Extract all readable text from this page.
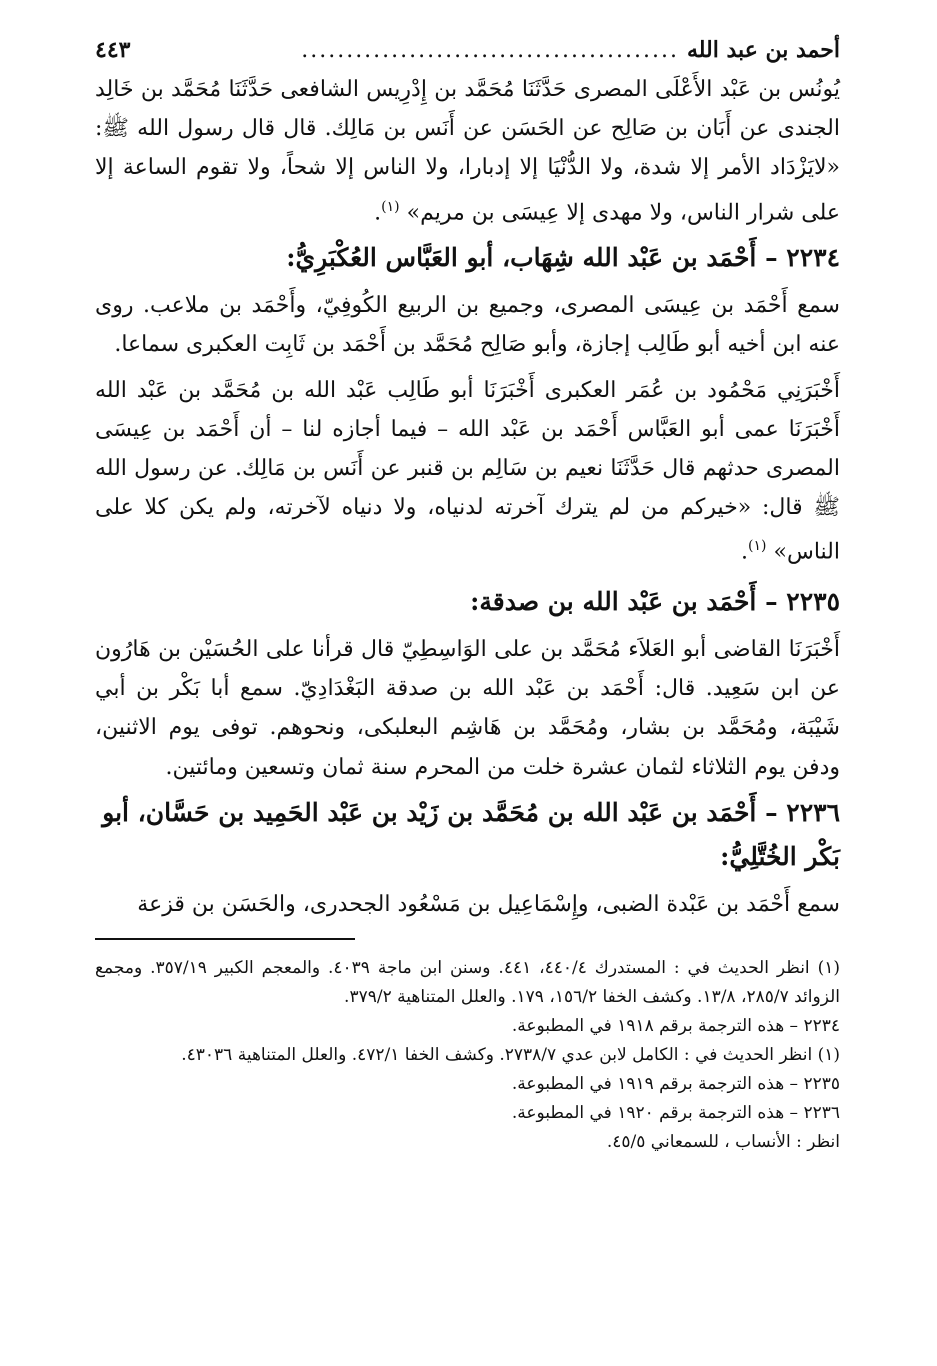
أحمد بن عبد الله
..........................................
٤٤٣

يُونُس بن عَبْد الأَعْلَى المصرى حَدَّثَنَا مُحَمَّد بن إِدْرِيس الشافعى حَدَّثَنَا مُحَمَّد بن خَالِد الجندى عن أَبَان بن صَالِح عن الحَسَن عن أَنَس بن مَالِك. قال قال رسول الله ﷺ: «لايَزْدَاد الأمر إلا شدة، ولا الدُّنْيَا إلا إدبارا، ولا الناس إلا شحاً، ولا تقوم الساعة إلا على شرار الناس، ولا مهدى إلا عِيسَى بن مريم» $^{(١)}$.

٢٢٣٤ – أَحْمَد بن عَبْد الله شِهَاب، أبو العَبَّاس العُكْبَرِيُّ:

سمع أَحْمَد بن عِيسَى المصرى، وجميع بن الربيع الكُوفِيّ، وأَحْمَد بن ملاعب. روى عنه ابن أخيه أبو طَالِب إجازة، وأبو صَالِح مُحَمَّد بن أَحْمَد بن ثَابِت العكبرى سماعا.

أَخْبَرَنِي مَحْمُود بن عُمَر العكبرى أَخْبَرَنَا أبو طَالِب عَبْد الله بن مُحَمَّد بن عَبْد الله أَخْبَرَنَا عمى أبو العَبَّاس أَحْمَد بن عَبْد الله – فيما أجازه لنا – أن أَحْمَد بن عِيسَى المصرى حدثهم قال حَدَّثَنَا نعيم بن سَالِم بن قنبر عن أَنَس بن مَالِك. عن رسول الله ﷺ قال: «خيركم من لم يترك آخرته لدنياه، ولا دنياه لآخرته، ولم يكن كلا على الناس» $^{(١)}$.

٢٢٣٥ – أَحْمَد بن عَبْد الله بن صدقة:

أَخْبَرَنَا القاضى أبو العَلاَء مُحَمَّد بن على الوَاسِطِيّ قال قرأنا على الحُسَيْن بن هَارُون عن ابن سَعِيد. قال: أَحْمَد بن عَبْد الله بن صدقة البَغْدَادِيّ. سمع أبا بَكْر بن أبي شَيْبَة، ومُحَمَّد بن بشار، ومُحَمَّد بن هَاشِم البعلبكى، ونحوهم. توفى يوم الاثنين، ودفن يوم الثلاثاء لثمان عشرة خلت من المحرم سنة ثمان وتسعين ومائتين.

٢٢٣٦ – أَحْمَد بن عَبْد الله بن مُحَمَّد بن زَيْد بن عَبْد الحَمِيد بن حَسَّان، أبو بَكْر الخُتَّلِيُّ:

سمع أَحْمَد بن عَبْدة الضبى، وإِسْمَاعِيل بن مَسْعُود الجحدرى، والحَسَن بن قزعة

(١) انظر الحديث في : المستدرك ٤٤٠/٤، ٤٤١. وسنن ابن ماجة ٤٠٣٩. والمعجم الكبير ٣٥٧/١٩. ومجمع الزوائد ٢٨٥/٧، ١٣/٨. وكشف الخفا ١٥٦/٢، ١٧٩. والعلل المتناهية ٣٧٩/٢.

٢٢٣٤ – هذه الترجمة برقم ١٩١٨ في المطبوعة.

(١) انظر الحديث في : الكامل لابن عدي ٢٧٣٨/٧. وكشف الخفا ٤٧٢/١. والعلل المتناهية ٤٣٠٣٦.

٢٢٣٥ – هذه الترجمة برقم ١٩١٩ في المطبوعة.

٢٢٣٦ – هذه الترجمة برقم ١٩٢٠ في المطبوعة.

انظر : الأنساب ، للسمعاني ٤٥/٥.
